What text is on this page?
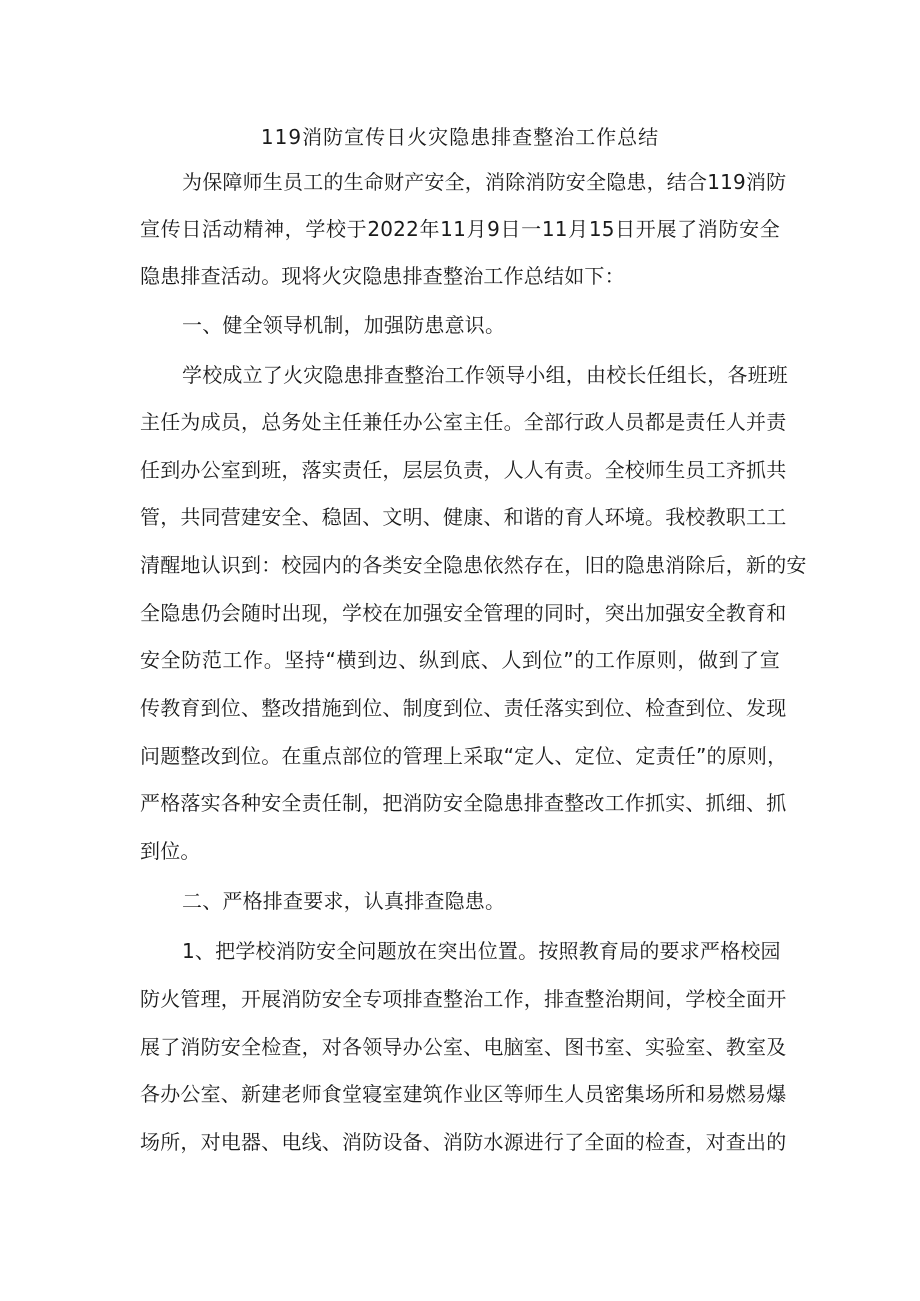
119消防宣传日火灾隐患排查整治工作总结

为保障师生员工的生命财产安全，消除消防安全隐患，结合119消防

宣传日活动精神，学校于2022年11月9日一11月15日开展了消防安全

隐患排查活动。现将火灾隐患排查整治工作总结如下：

一、健全领导机制，加强防患意识。

学校成立了火灾隐患排查整治工作领导小组，由校长任组长，各班班

主任为成员，总务处主任兼任办公室主任。全部行政人员都是责任人并责

任到办公室到班，落实责任，层层负责，人人有责。全校师生员工齐抓共

管，共同营建安全、稳固、文明、健康、和谐的育人环境。我校教职工工

清醒地认识到：校园内的各类安全隐患依然存在，旧的隐患消除后，新的安

全隐患仍会随时出现，学校在加强安全管理的同时，突出加强安全教育和

安全防范工作。坚持“横到边、纵到底、人到位”的工作原则，做到了宣

传教育到位、整改措施到位、制度到位、责任落实到位、检查到位、发现

问题整改到位。在重点部位的管理上采取“定人、定位、定责任”的原则，

严格落实各种安全责任制，把消防安全隐患排查整改工作抓实、抓细、抓

到位。

二、严格排查要求，认真排查隐患。

1、把学校消防安全问题放在突出位置。按照教育局的要求严格校园

防火管理，开展消防安全专项排查整治工作，排查整治期间，学校全面开

展了消防安全检查，对各领导办公室、电脑室、图书室、实验室、教室及

各办公室、新建老师食堂寝室建筑作业区等师生人员密集场所和易燃易爆

场所，对电器、电线、消防设备、消防水源进行了全面的检查，对查出的
